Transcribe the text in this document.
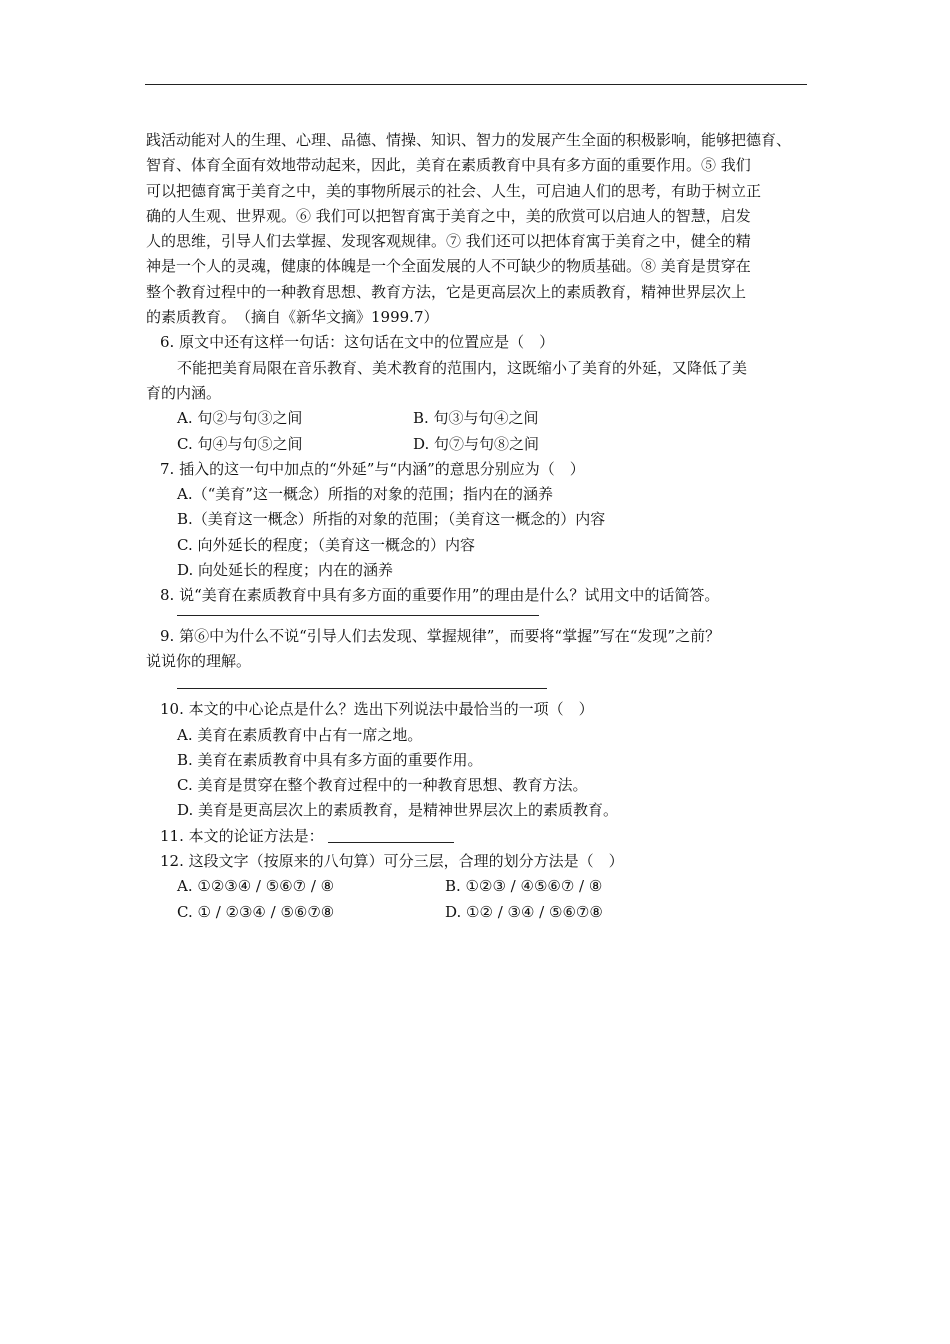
践活动能对人的生理、心理、品德、情操、知识、智力的发展产生全面的积极影响，能够把德育、

智育、体育全面有效地带动起来，因此，美育在素质教育中具有多方面的重要作用。⑤ 我们

可以把德育寓于美育之中，美的事物所展示的社会、人生，可启迪人们的思考，有助于树立正

确的人生观、世界观。⑥ 我们可以把智育寓于美育之中，美的欣赏可以启迪人的智慧，启发

人的思维，引导人们去掌握、发现客观规律。⑦ 我们还可以把体育寓于美育之中，健全的精

神是一个人的灵魂，健康的体魄是一个全面发展的人不可缺少的物质基础。⑧ 美育是贯穿在

整个教育过程中的一种教育思想、教育方法，它是更高层次上的素质教育，精神世界层次上

的素质教育。　（摘自《新华文摘》1999.7）

6. 原文中还有这样一句话：这句话在文中的位置应是（　）

不能把美育局限在音乐教育、美术教育的范围内，这既缩小了美育的外延，又降低了美

育的内涵。

A. 句②与句③之间	B. 句③与句④之间
C. 句④与句⑤之间	D. 句⑦与句⑧之间

7. 插入的这一句中加点的“外延”与“内涵”的意思分别应为（　）

A.（“美育”这一概念）所指的对象的范围；指内在的涵养

B.（美育这一概念）所指的对象的范围；（美育这一概念的）内容

C. 向外延长的程度；（美育这一概念的）内容

D. 向处延长的程度；内在的涵养

8. 说“美育在素质教育中具有多方面的重要作用”的理由是什么？试用文中的话简答。

9. 第⑥中为什么不说“引导人们去发现、掌握规律”，而要将“掌握”写在“发现”之前？

说说你的理解。

10. 本文的中心论点是什么？选出下列说法中最恰当的一项（　）

A. 美育在素质教育中占有一席之地。

B. 美育在素质教育中具有多方面的重要作用。

C. 美育是贯穿在整个教育过程中的一种教育思想、教育方法。

D. 美育是更高层次上的素质教育，是精神世界层次上的素质教育。

11. 本文的论证方法是：

12. 这段文字（按原来的八句算）可分三层，合理的划分方法是（　）

A. ①②③④ / ⑤⑥⑦ / ⑧	B. ①②③ / ④⑤⑥⑦ / ⑧
C. ① / ②③④ / ⑤⑥⑦⑧	D. ①② / ③④ / ⑤⑥⑦⑧
